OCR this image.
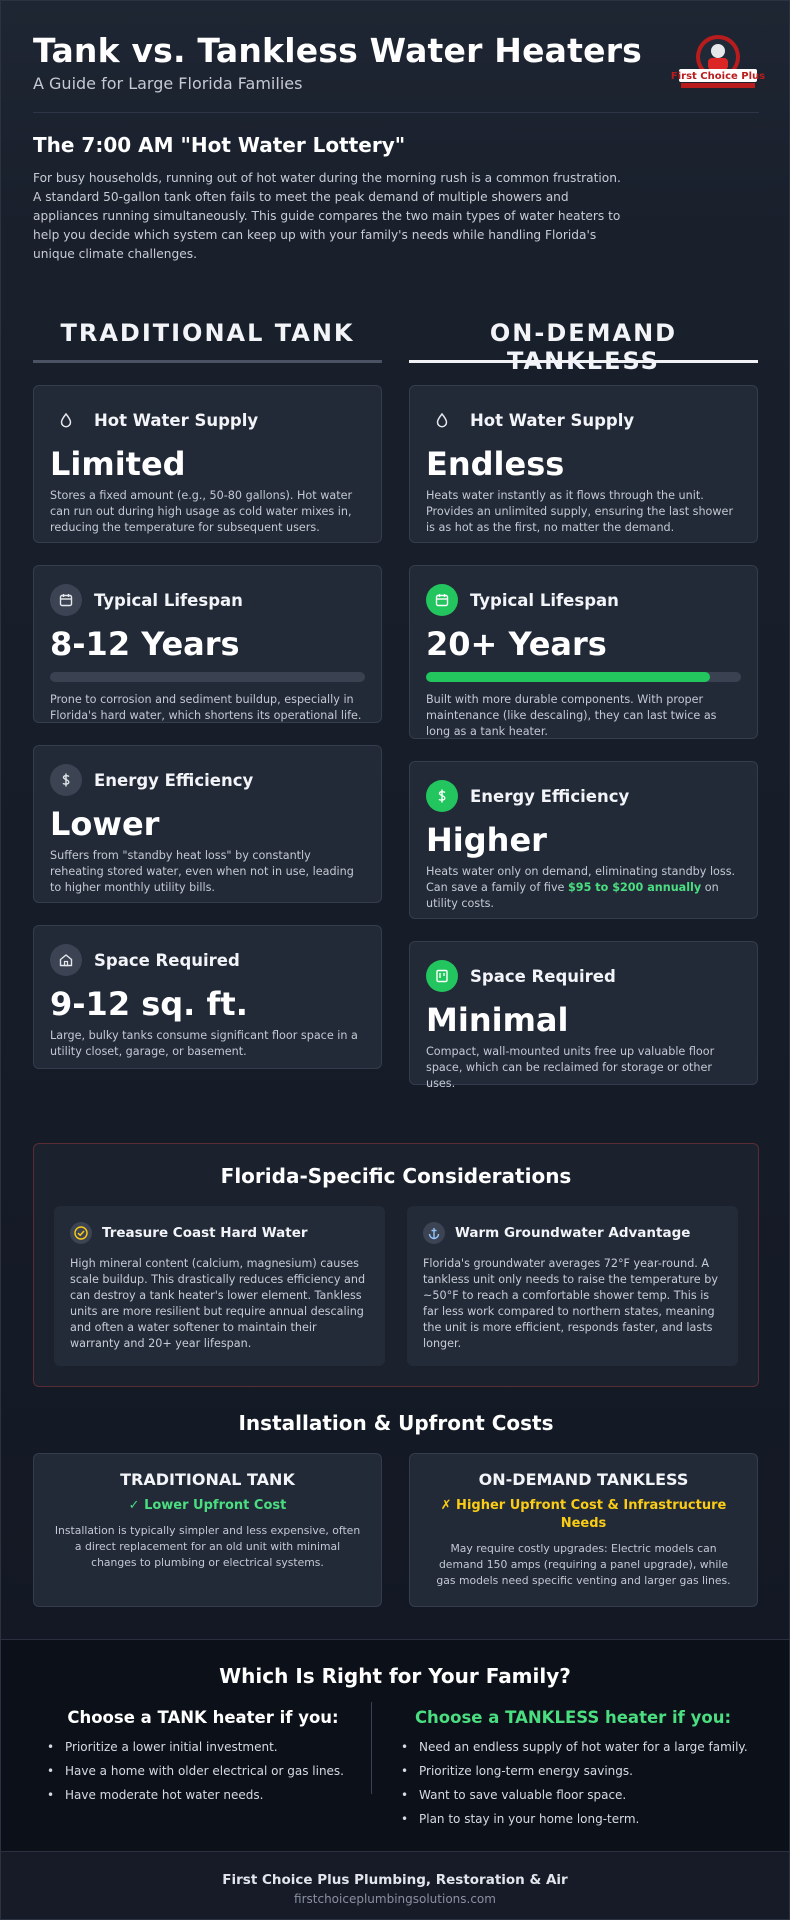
Tank vs. Tankless Water Heaters
A Guide for Large Florida Families	First Choice Plus
The 7:00 AM "Hot Water Lottery"

For busy households, running out of hot water during the morning rush is a common frustration. A standard 50-gallon tank often fails to meet the peak demand of multiple showers and appliances running simultaneously. This guide compares the two main types of water heaters to help you decide which system can keep up with your family's needs while handling Florida's unique climate challenges.

TRADITIONAL TANK	ON-DEMAND TANKLESS
Hot Water Supply
Limited
Stores a fixed amount (e.g., 50-80 gallons). Hot water can run out during high usage as cold water mixes in, reducing the temperature for subsequent users.
Typical Lifespan
8-12 Years
Prone to corrosion and sediment buildup, especially in Florida's hard water, which shortens its operational life.
Energy Efficiency
Lower
Suffers from "standby heat loss" by constantly reheating stored water, even when not in use, leading to higher monthly utility bills.
Space Required
9-12 sq. ft.
Large, bulky tanks consume significant floor space in a utility closet, garage, or basement.
Hot Water Supply
Endless
Heats water instantly as it flows through the unit. Provides an unlimited supply, ensuring the last shower is as hot as the first, no matter the demand.
Typical Lifespan
20+ Years
Built with more durable components. With proper maintenance (like descaling), they can last twice as long as a tank heater.
Energy Efficiency
Higher
Heats water only on demand, eliminating standby loss. Can save a family of five $95 to $200 annually on utility costs.
Space Required
Minimal
Compact, wall-mounted units free up valuable floor space, which can be reclaimed for storage or other uses.
Florida-Specific Considerations
Treasure Coast Hard Water

High mineral content (calcium, magnesium) causes scale buildup. This drastically reduces efficiency and can destroy a tank heater's lower element. Tankless units are more resilient but require annual descaling and often a water softener to maintain their warranty and 20+ year lifespan.

Warm Groundwater Advantage

Florida's groundwater averages 72°F year-round. A tankless unit only needs to raise the temperature by ~50°F to reach a comfortable shower temp. This is far less work compared to northern states, meaning the unit is more efficient, responds faster, and lasts longer.

Installation & Upfront Costs
TRADITIONAL TANK
✓ Lower Upfront Cost

Installation is typically simpler and less expensive, often a direct replacement for an old unit with minimal changes to plumbing or electrical systems.

ON-DEMAND TANKLESS
✗ Higher Upfront Cost & Infrastructure Needs

May require costly upgrades: Electric models can demand 150 amps (requiring a panel upgrade), while gas models need specific venting and larger gas lines.

Which Is Right for Your Family?
Choose a TANK heater if you:
• Prioritize a lower initial investment.
• Have a home with older electrical or gas lines.
• Have moderate hot water needs.
Choose a TANKLESS heater if you:
• Need an endless supply of hot water for a large family.
• Prioritize long-term energy savings.
• Want to save valuable floor space.
• Plan to stay in your home long-term.
First Choice Plus Plumbing, Restoration & Air
firstchoiceplumbingsolutions.com
